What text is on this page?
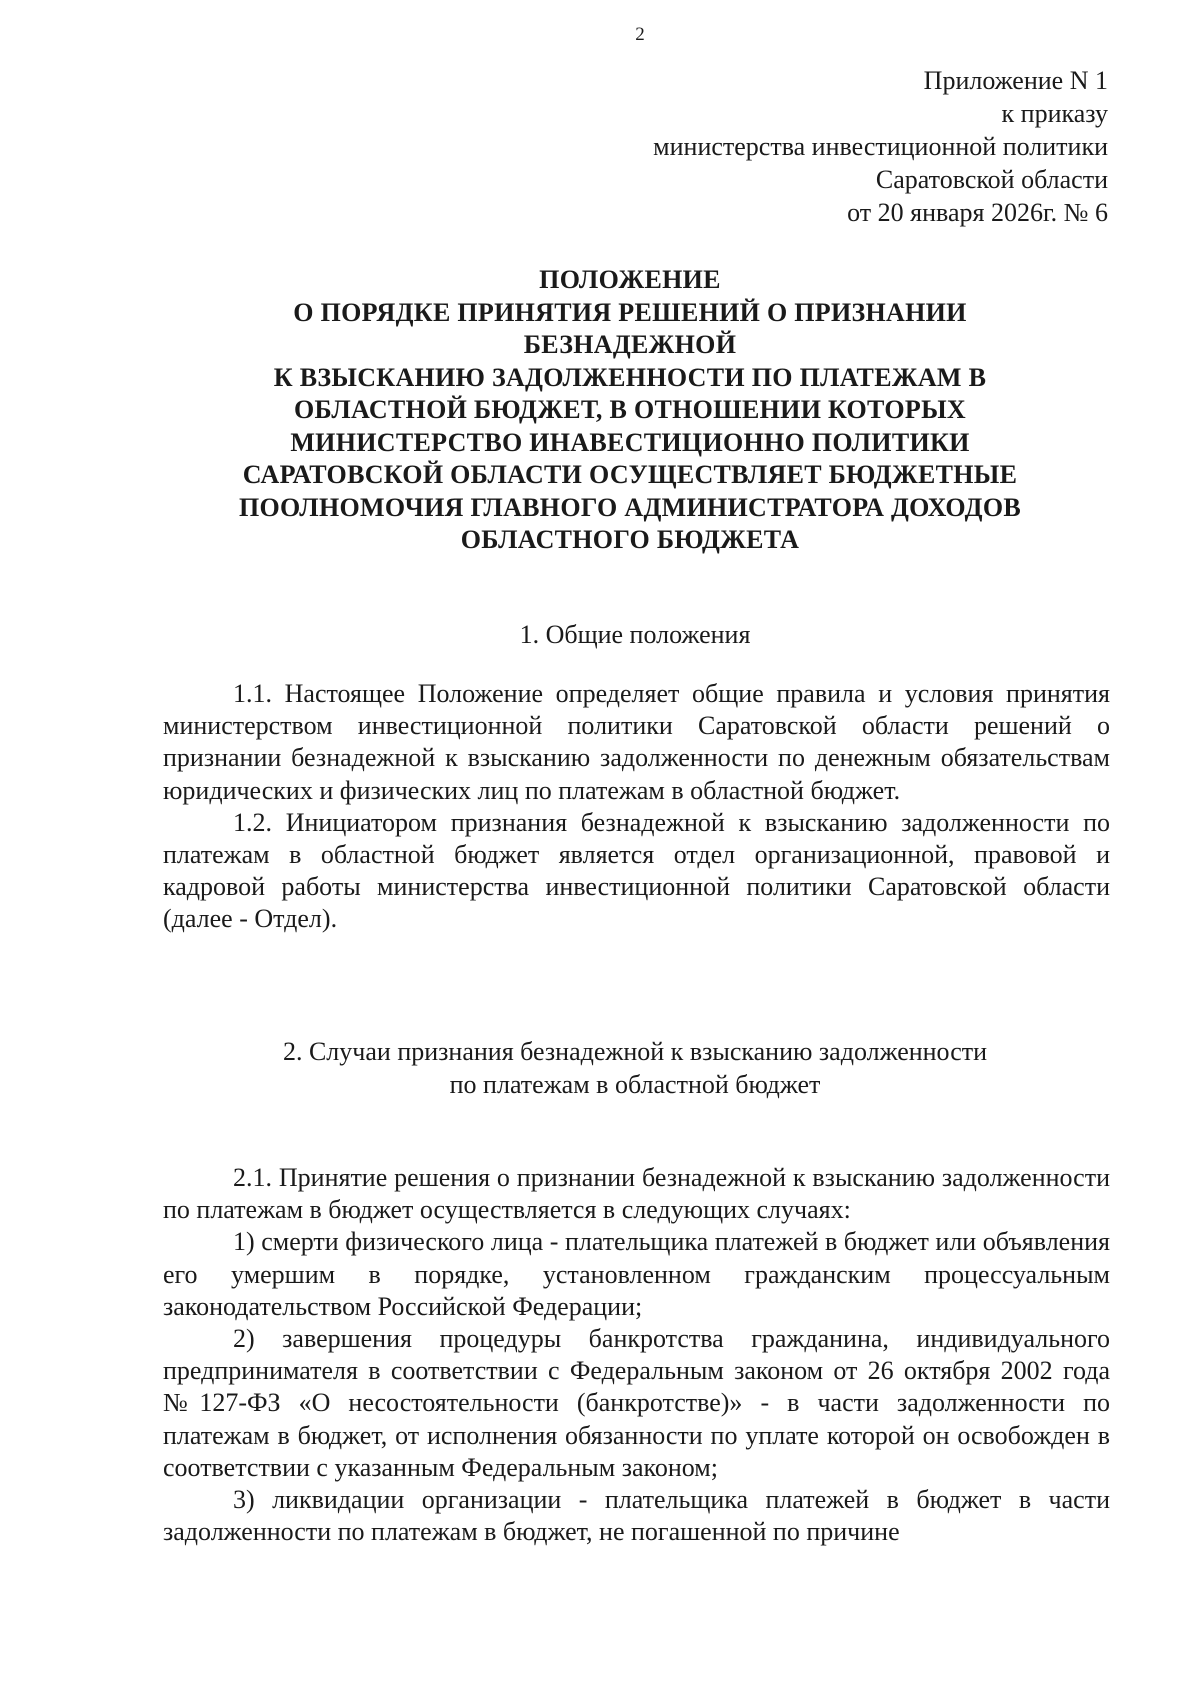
2
Приложение N 1
к приказу
министерства инвестиционной политики
Саратовской области
от 20 января 2026г. № 6
ПОЛОЖЕНИЕ
О ПОРЯДКЕ ПРИНЯТИЯ РЕШЕНИЙ О ПРИЗНАНИИ
БЕЗНАДЕЖНОЙ
К ВЗЫСКАНИЮ ЗАДОЛЖЕННОСТИ ПО ПЛАТЕЖАМ В
ОБЛАСТНОЙ БЮДЖЕТ, В ОТНОШЕНИИ КОТОРЫХ
МИНИСТЕРСТВО ИНАВЕСТИЦИОННО ПОЛИТИКИ
САРАТОВСКОЙ ОБЛАСТИ ОСУЩЕСТВЛЯЕТ БЮДЖЕТНЫЕ
ПООЛНОМОЧИЯ ГЛАВНОГО АДМИНИСТРАТОРА ДОХОДОВ
ОБЛАСТНОГО БЮДЖЕТА
1. Общие положения

1.1. Настоящее Положение определяет общие правила и условия принятия министерством инвестиционной политики Саратовской области решений о признании безнадежной к взысканию задолженности по денежным обязательствам юридических и физических лиц по платежам в областной бюджет.

1.2. Инициатором признания безнадежной к взысканию задолженности по платежам в областной бюджет является отдел организационной, правовой и кадровой работы министерства инвестиционной политики Саратовской области (далее - Отдел).

2. Случаи признания безнадежной к взысканию задолженности
по платежам в областной бюджет

2.1. Принятие решения о признании безнадежной к взысканию задолженности по платежам в бюджет осуществляется в следующих случаях:

1) смерти физического лица - плательщика платежей в бюджет или объявления его умершим в порядке, установленном гражданским процессуальным законодательством Российской Федерации;

2) завершения процедуры банкротства гражданина, индивидуального предпринимателя в соответствии с Федеральным законом от 26 октября 2002 года №127-ФЗ «О несостоятельности (банкротстве)» - в части задолженности по платежам в бюджет, от исполнения обязанности по уплате которой он освобожден в соответствии с указанным Федеральным законом;

3) ликвидации организации - плательщика платежей в бюджет в части задолженности по платежам в бюджет, не погашенной по причине
